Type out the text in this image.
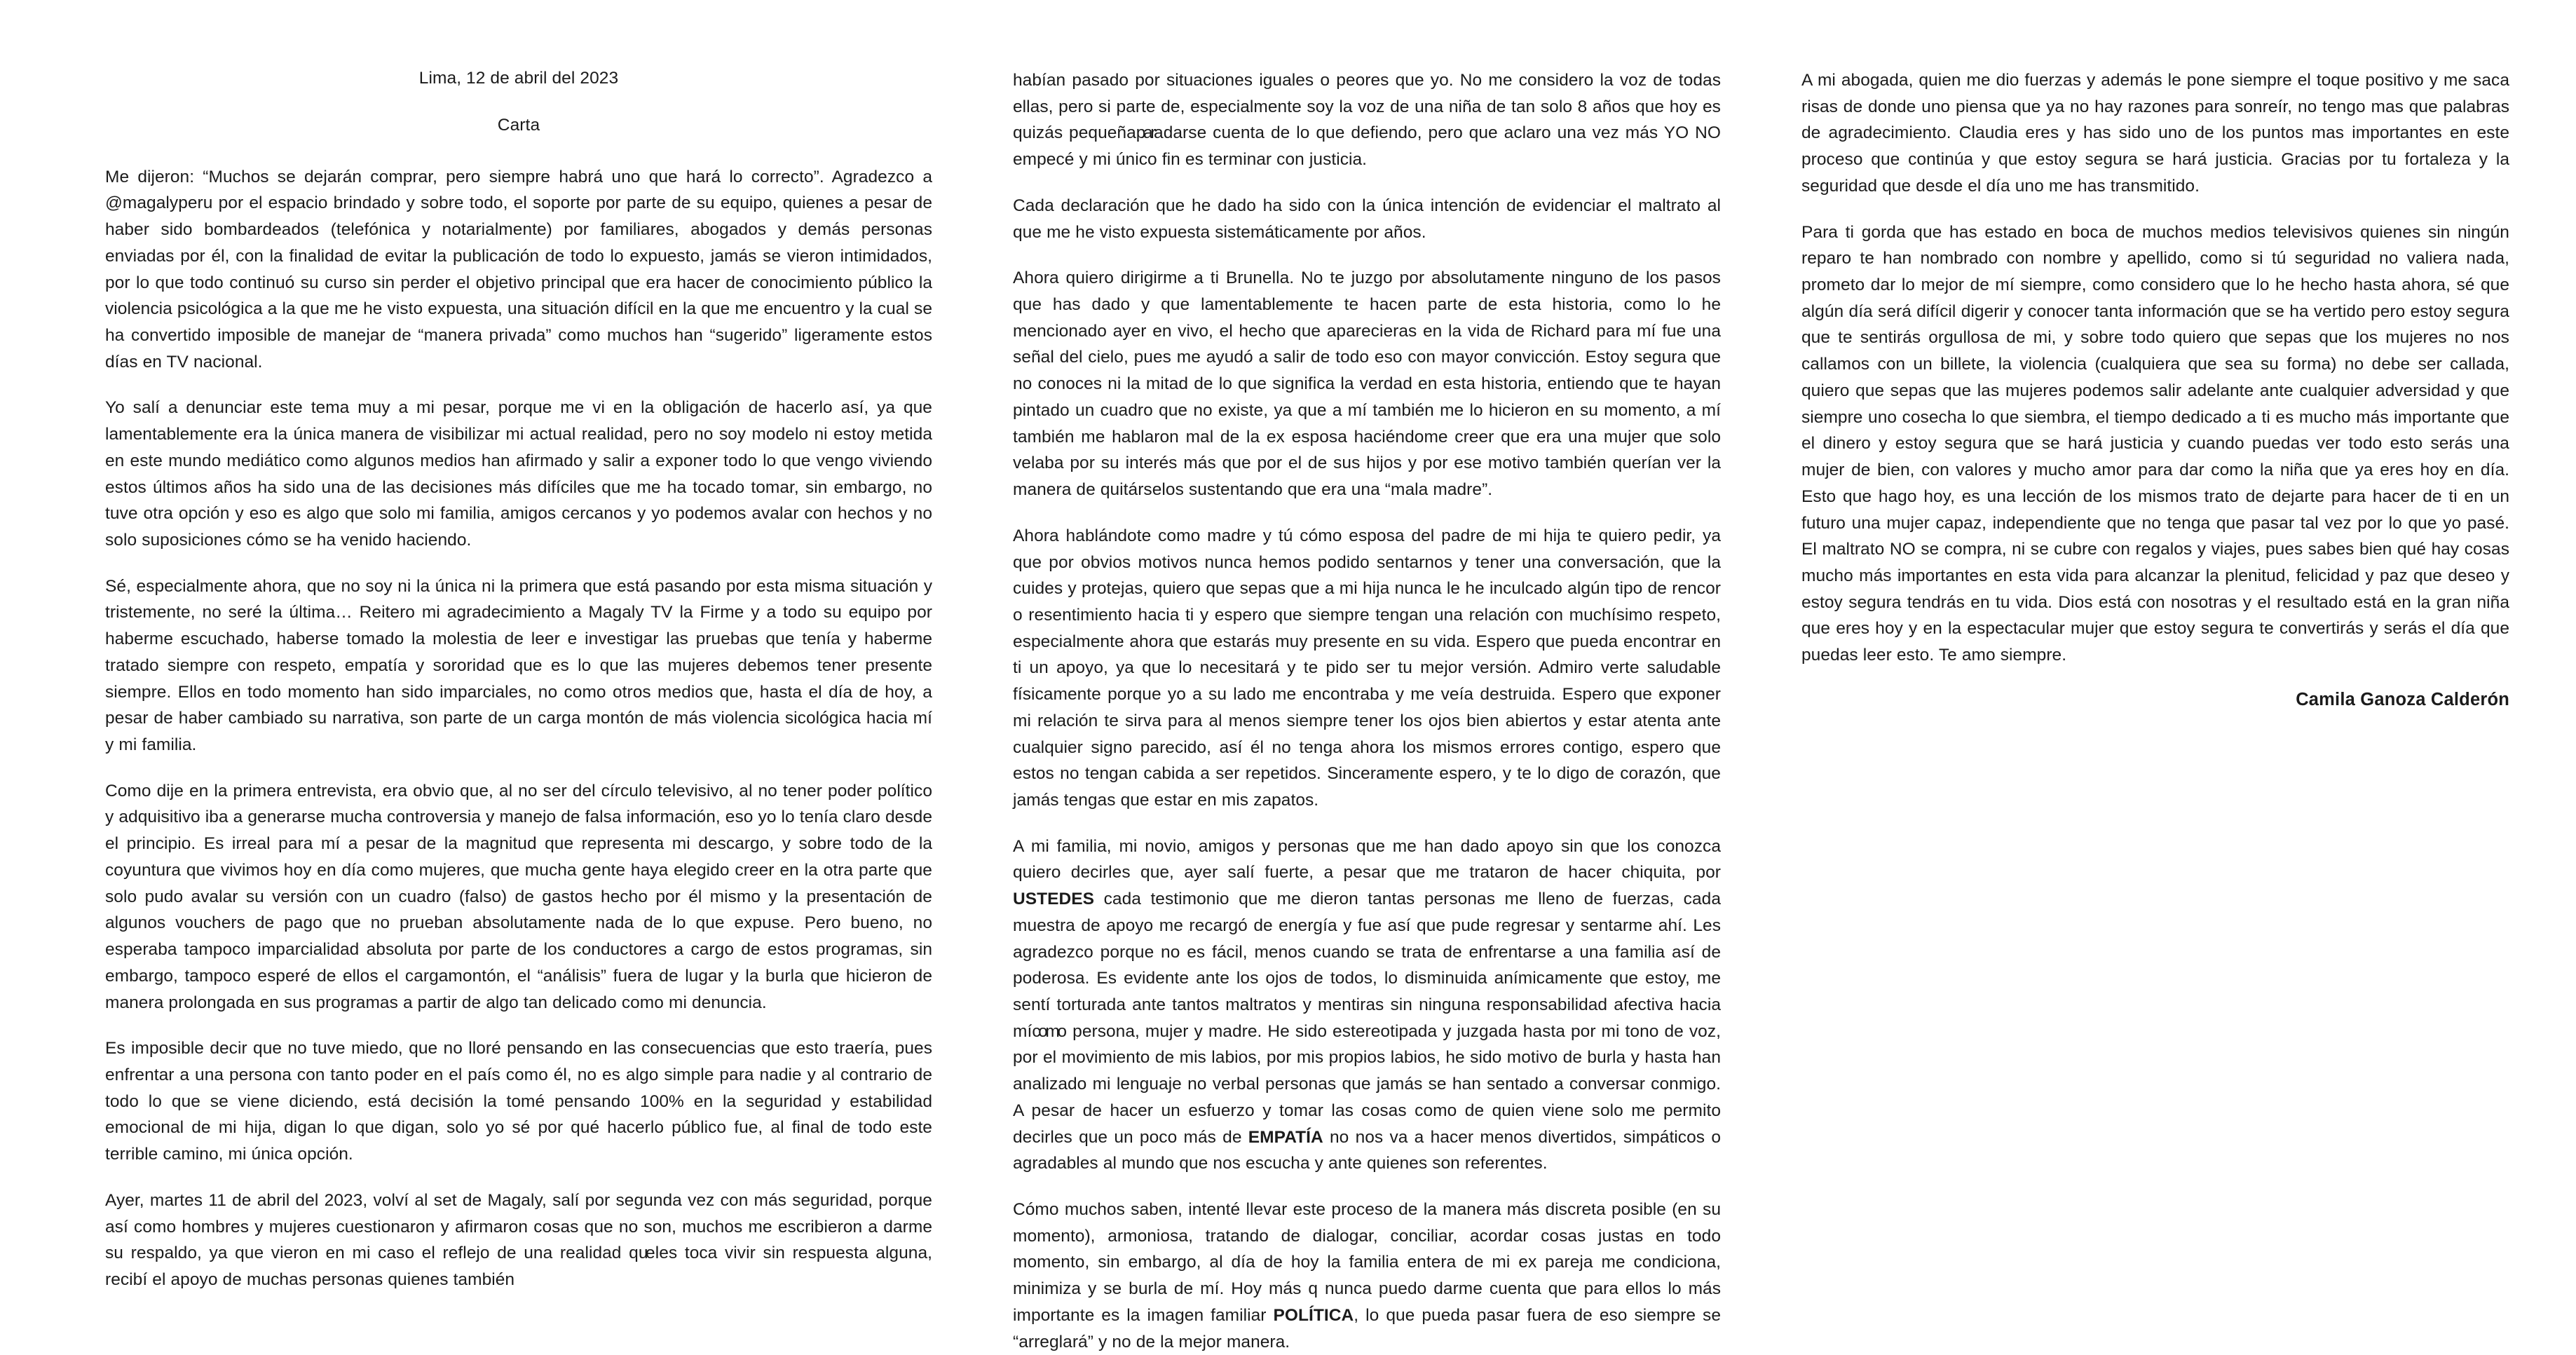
Lima, 12 de abril del 2023
Carta

Me dijeron: “Muchos se dejarán comprar, pero siempre habrá uno que hará lo correcto”. Agradezco a @magalyperu por el espacio brindado y sobre todo, el soporte por parte de su equipo, quienes a pesar de haber sido bombardeados (telefónica y notarialmente) por familiares, abogados y demás personas enviadas por él, con la finalidad de evitar la publicación de todo lo expuesto, jamás se vieron intimidados, por lo que todo continuó su curso sin perder el objetivo principal que era hacer de conocimiento público la violencia psicológica a la que me he visto expuesta, una situación difícil en la que me encuentro y la cual se ha convertido imposible de manejar de “manera privada” como muchos han “sugerido” ligeramente estos días en TV nacional.

Yo salí a denunciar este tema muy a mi pesar, porque me vi en la obligación de hacerlo así, ya que lamentablemente era la única manera de visibilizar mi actual realidad, pero no soy modelo ni estoy metida en este mundo mediático como algunos medios han afirmado y salir a exponer todo lo que vengo viviendo estos últimos años ha sido una de las decisiones más difíciles que me ha tocado tomar, sin embargo, no tuve otra opción y eso es algo que solo mi familia, amigos cercanos y yo podemos avalar con hechos y no solo suposiciones cómo se ha venido haciendo.

Sé, especialmente ahora, que no soy ni la única ni la primera que está pasando por esta misma situación y tristemente, no seré la última… Reitero mi agradecimiento a Magaly TV la Firme y a todo su equipo por haberme escuchado, haberse tomado la molestia de leer e investigar las pruebas que tenía y haberme tratado siempre con respeto, empatía y sororidad que es lo que las mujeres debemos tener presente siempre. Ellos en todo momento han sido imparciales, no como otros medios que, hasta el día de hoy, a pesar de haber cambiado su narrativa, son parte de un carga montón de más violencia sicológica hacia mí y mi familia.

Como dije en la primera entrevista, era obvio que, al no ser del círculo televisivo, al no tener poder político y adquisitivo iba a generarse mucha controversia y manejo de falsa información, eso yo lo tenía claro desde el principio. Es irreal para mí a pesar de la magnitud que representa mi descargo, y sobre todo de la coyuntura que vivimos hoy en día como mujeres, que mucha gente haya elegido creer en la otra parte que solo pudo avalar su versión con un cuadro (falso) de gastos hecho por él mismo y la presentación de algunos vouchers de pago que no prueban absolutamente nada de lo que expuse. Pero bueno, no esperaba tampoco imparcialidad absoluta por parte de los conductores a cargo de estos programas, sin embargo, tampoco esperé de ellos el cargamontón, el “análisis” fuera de lugar y la burla que hicieron de manera prolongada en sus programas a partir de algo tan delicado como mi denuncia.

Es imposible decir que no tuve miedo, que no lloré pensando en las consecuencias que esto traería, pues enfrentar a una persona con tanto poder en el país como él, no es algo simple para nadie y al contrario de todo lo que se viene diciendo, está decisión la tomé pensando 100% en la seguridad y estabilidad emocional de mi hija, digan lo que digan, solo yo sé por qué hacerlo público fue, al final de todo este terrible camino, mi única opción.

Ayer, martes 11 de abril del 2023, volví al set de Magaly, salí por segunda vez con más seguridad, porque así como hombres y mujeres cuestionaron y afirmaron cosas que no son, muchos me escribieron a darme su respaldo, ya que vieron en mi caso el reflejo de una realidad queles toca vivir sin respuesta alguna, recibí el apoyo de muchas personas quienes también

habían pasado por situaciones iguales o peores que yo. No me considero la voz de todas ellas, pero si parte de, especialmente soy la voz de una niña de tan solo 8 años que hoy es quizás pequeñaparadarse cuenta de lo que defiendo, pero que aclaro una vez más YO NO empecé y mi único fin es terminar con justicia.

Cada declaración que he dado ha sido con la única intención de evidenciar el maltrato al que me he visto expuesta sistemáticamente por años.

Ahora quiero dirigirme a ti Brunella. No te juzgo por absolutamente ninguno de los pasos que has dado y que lamentablemente te hacen parte de esta historia, como lo he mencionado ayer en vivo, el hecho que aparecieras en la vida de Richard para mí fue una señal del cielo, pues me ayudó a salir de todo eso con mayor convicción. Estoy segura que no conoces ni la mitad de lo que significa la verdad en esta historia, entiendo que te hayan pintado un cuadro que no existe, ya que a mí también me lo hicieron en su momento, a mí también me hablaron mal de la ex esposa haciéndome creer que era una mujer que solo velaba por su interés más que por el de sus hijos y por ese motivo también querían ver la manera de quitárselos sustentando que era una “mala madre”.

Ahora hablándote como madre y tú cómo esposa del padre de mi hija te quiero pedir, ya que por obvios motivos nunca hemos podido sentarnos y tener una conversación, que la cuides y protejas, quiero que sepas que a mi hija nunca le he inculcado algún tipo de rencor o resentimiento hacia ti y espero que siempre tengan una relación con muchísimo respeto, especialmente ahora que estarás muy presente en su vida. Espero que pueda encontrar en ti un apoyo, ya que lo necesitará y te pido ser tu mejor versión. Admiro verte saludable físicamente porque yo a su lado me encontraba y me veía destruida. Espero que exponer mi relación te sirva para al menos siempre tener los ojos bien abiertos y estar atenta ante cualquier signo parecido, así él no tenga ahora los mismos errores contigo, espero que estos no tengan cabida a ser repetidos. Sinceramente espero, y te lo digo de corazón, que jamás tengas que estar en mis zapatos.

A mi familia, mi novio, amigos y personas que me han dado apoyo sin que los conozca quiero decirles que, ayer salí fuerte, a pesar que me trataron de hacer chiquita, por USTEDES cada testimonio que me dieron tantas personas me lleno de fuerzas, cada muestra de apoyo me recargó de energía y fue así que pude regresar y sentarme ahí. Les agradezco porque no es fácil, menos cuando se trata de enfrentarse a una familia así de poderosa. Es evidente ante los ojos de todos, lo disminuida anímicamente que estoy, me sentí torturada ante tantos maltratos y mentiras sin ninguna responsabilidad afectiva hacia mícomo persona, mujer y madre. He sido estereotipada y juzgada hasta por mi tono de voz, por el movimiento de mis labios, por mis propios labios, he sido motivo de burla y hasta han analizado mi lenguaje no verbal personas que jamás se han sentado a conversar conmigo. A pesar de hacer un esfuerzo y tomar las cosas como de quien viene solo me permito decirles que un poco más de EMPATÍA no nos va a hacer menos divertidos, simpáticos o agradables al mundo que nos escucha y ante quienes son referentes.

Cómo muchos saben, intenté llevar este proceso de la manera más discreta posible (en su momento), armoniosa, tratando de dialogar, conciliar, acordar cosas justas en todo momento, sin embargo, al día de hoy la familia entera de mi ex pareja me condiciona, minimiza y se burla de mí. Hoy más q nunca puedo darme cuenta que para ellos lo más importante es la imagen familiar POLÍTICA, lo que pueda pasar fuera de eso siempre se “arreglará” y no de la mejor manera.

A mi abogada, quien me dio fuerzas y además le pone siempre el toque positivo y me saca risas de donde uno piensa que ya no hay razones para sonreír, no tengo mas que palabras de agradecimiento. Claudia eres y has sido uno de los puntos mas importantes en este proceso que continúa y que estoy segura se hará justicia. Gracias por tu fortaleza y la seguridad que desde el día uno me has transmitido.

Para ti gorda que has estado en boca de muchos medios televisivos quienes sin ningún reparo te han nombrado con nombre y apellido, como si tú seguridad no valiera nada, prometo dar lo mejor de mí siempre, como considero que lo he hecho hasta ahora, sé que algún día será difícil digerir y conocer tanta información que se ha vertido pero estoy segura que te sentirás orgullosa de mi, y sobre todo quiero que sepas que los mujeres no nos callamos con un billete, la violencia (cualquiera que sea su forma) no debe ser callada, quiero que sepas que las mujeres podemos salir adelante ante cualquier adversidad y que siempre uno cosecha lo que siembra, el tiempo dedicado a ti es mucho más importante que el dinero y estoy segura que se hará justicia y cuando puedas ver todo esto serás una mujer de bien, con valores y mucho amor para dar como la niña que ya eres hoy en día. Esto que hago hoy, es una lección de los mismos trato de dejarte para hacer de ti en un futuro una mujer capaz, independiente que no tenga que pasar tal vez por lo que yo pasé. El maltrato NO se compra, ni se cubre con regalos y viajes, pues sabes bien qué hay cosas mucho más importantes en esta vida para alcanzar la plenitud, felicidad y paz que deseo y estoy segura tendrás en tu vida. Dios está con nosotras y el resultado está en la gran niña que eres hoy y en la espectacular mujer que estoy segura te convertirás y serás el día que puedas leer esto. Te amo siempre.

Camila Ganoza Calderón
